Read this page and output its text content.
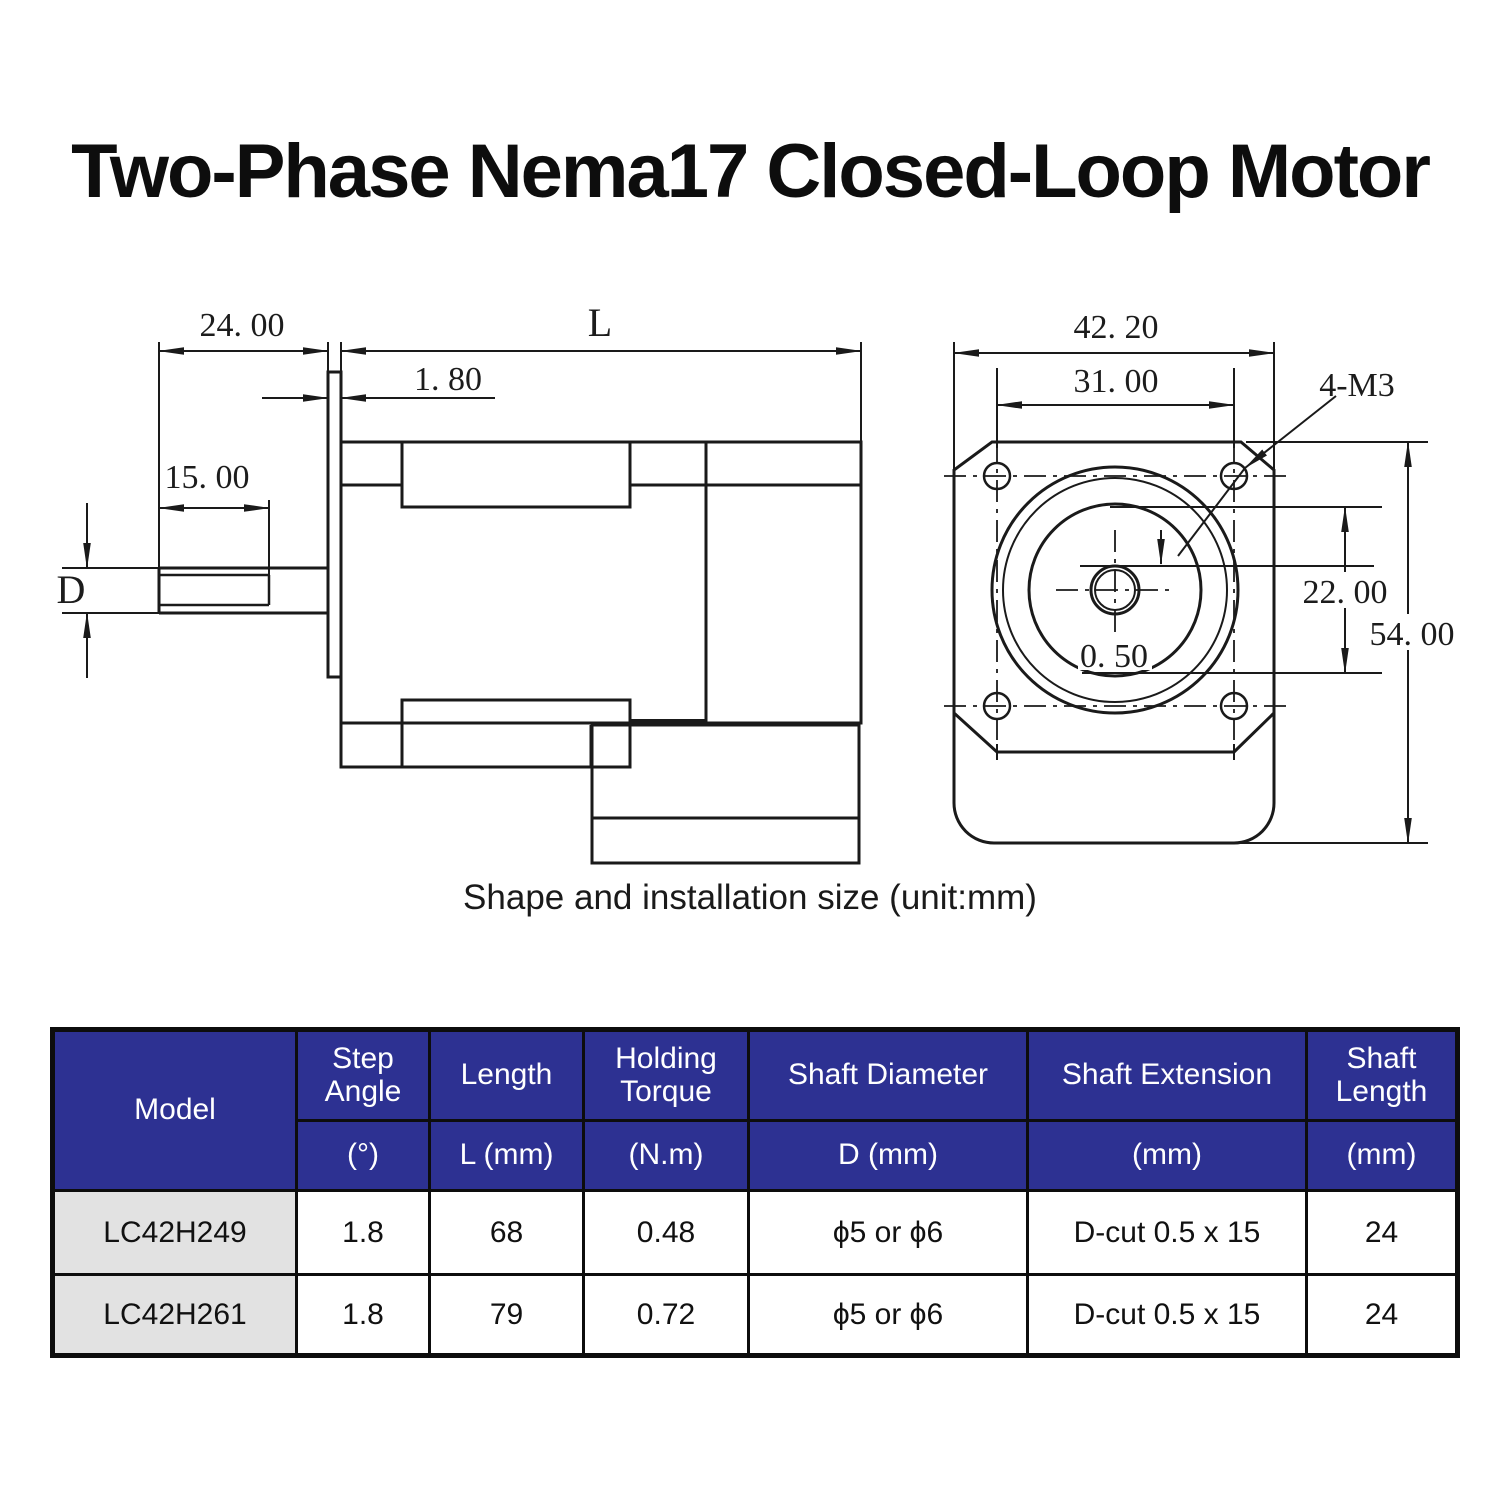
Two-Phase Nema17 Closed-Loop Motor
24. 00	L
1. 80
15. 00
D
42. 20
31. 00	4-M3
22. 00
54. 00
0. 50
Shape and installation size (unit:mm)
Model	Step Angle	Length	Holding Torque	Shaft Diameter	Shaft Extension	Shaft Length
	(°)	L (mm)	(N.m)	D (mm)	(mm)	(mm)
LC42H249	1.8	68	0.48	ϕ5 or ϕ6	D-cut 0.5 x 15	24
LC42H261	1.8	79	0.72	ϕ5 or ϕ6	D-cut 0.5 x 15	24
